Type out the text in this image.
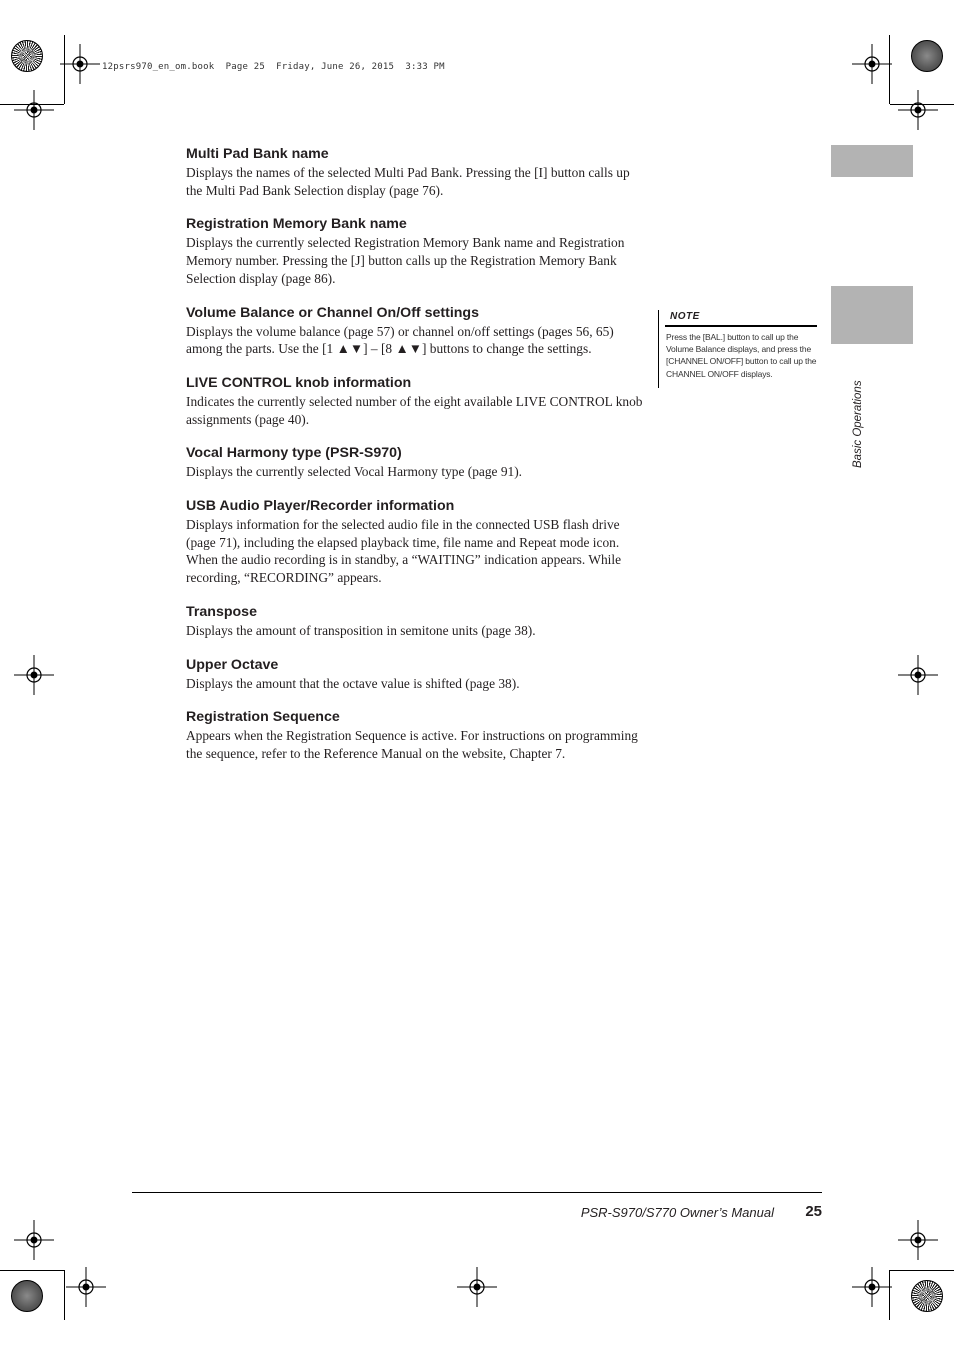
12psrs970_en_om.book  Page 25  Friday, June 26, 2015  3:33 PM

Multi Pad Bank name

Displays the names of the selected Multi Pad Bank. Pressing the [I] button calls up the Multi Pad Bank Selection display (page 76).

Registration Memory Bank name

Displays the currently selected Registration Memory Bank name and Registration Memory number. Pressing the [J] button calls up the Registration Memory Bank Selection display (page 86).

Volume Balance or Channel On/Off settings

Displays the volume balance (page 57) or channel on/off settings (pages 56, 65) among the parts. Use the [1 ▲▼] – [8 ▲▼] buttons to change the settings.

LIVE CONTROL knob information

Indicates the currently selected number of the eight available LIVE CONTROL knob assignments (page 40).

Vocal Harmony type (PSR-S970)

Displays the currently selected Vocal Harmony type (page 91).

USB Audio Player/Recorder information

Displays information for the selected audio file in the connected USB flash drive (page 71), including the elapsed playback time, file name and Repeat mode icon. When the audio recording is in standby, a “WAITING” indication appears. While recording, “RECORDING” appears.

Transpose

Displays the amount of transposition in semitone units (page 38).

Upper Octave

Displays the amount that the octave value is shifted (page 38).

Registration Sequence

Appears when the Registration Sequence is active. For instructions on programming the sequence, refer to the Reference Manual on the website, Chapter 7.

NOTE
Press the [BAL.] button to call up the Volume Balance displays, and press the [CHANNEL ON/OFF] button to call up the CHANNEL ON/OFF displays.
Basic Operations
PSR-S970/S770 Owner’s Manual 25
